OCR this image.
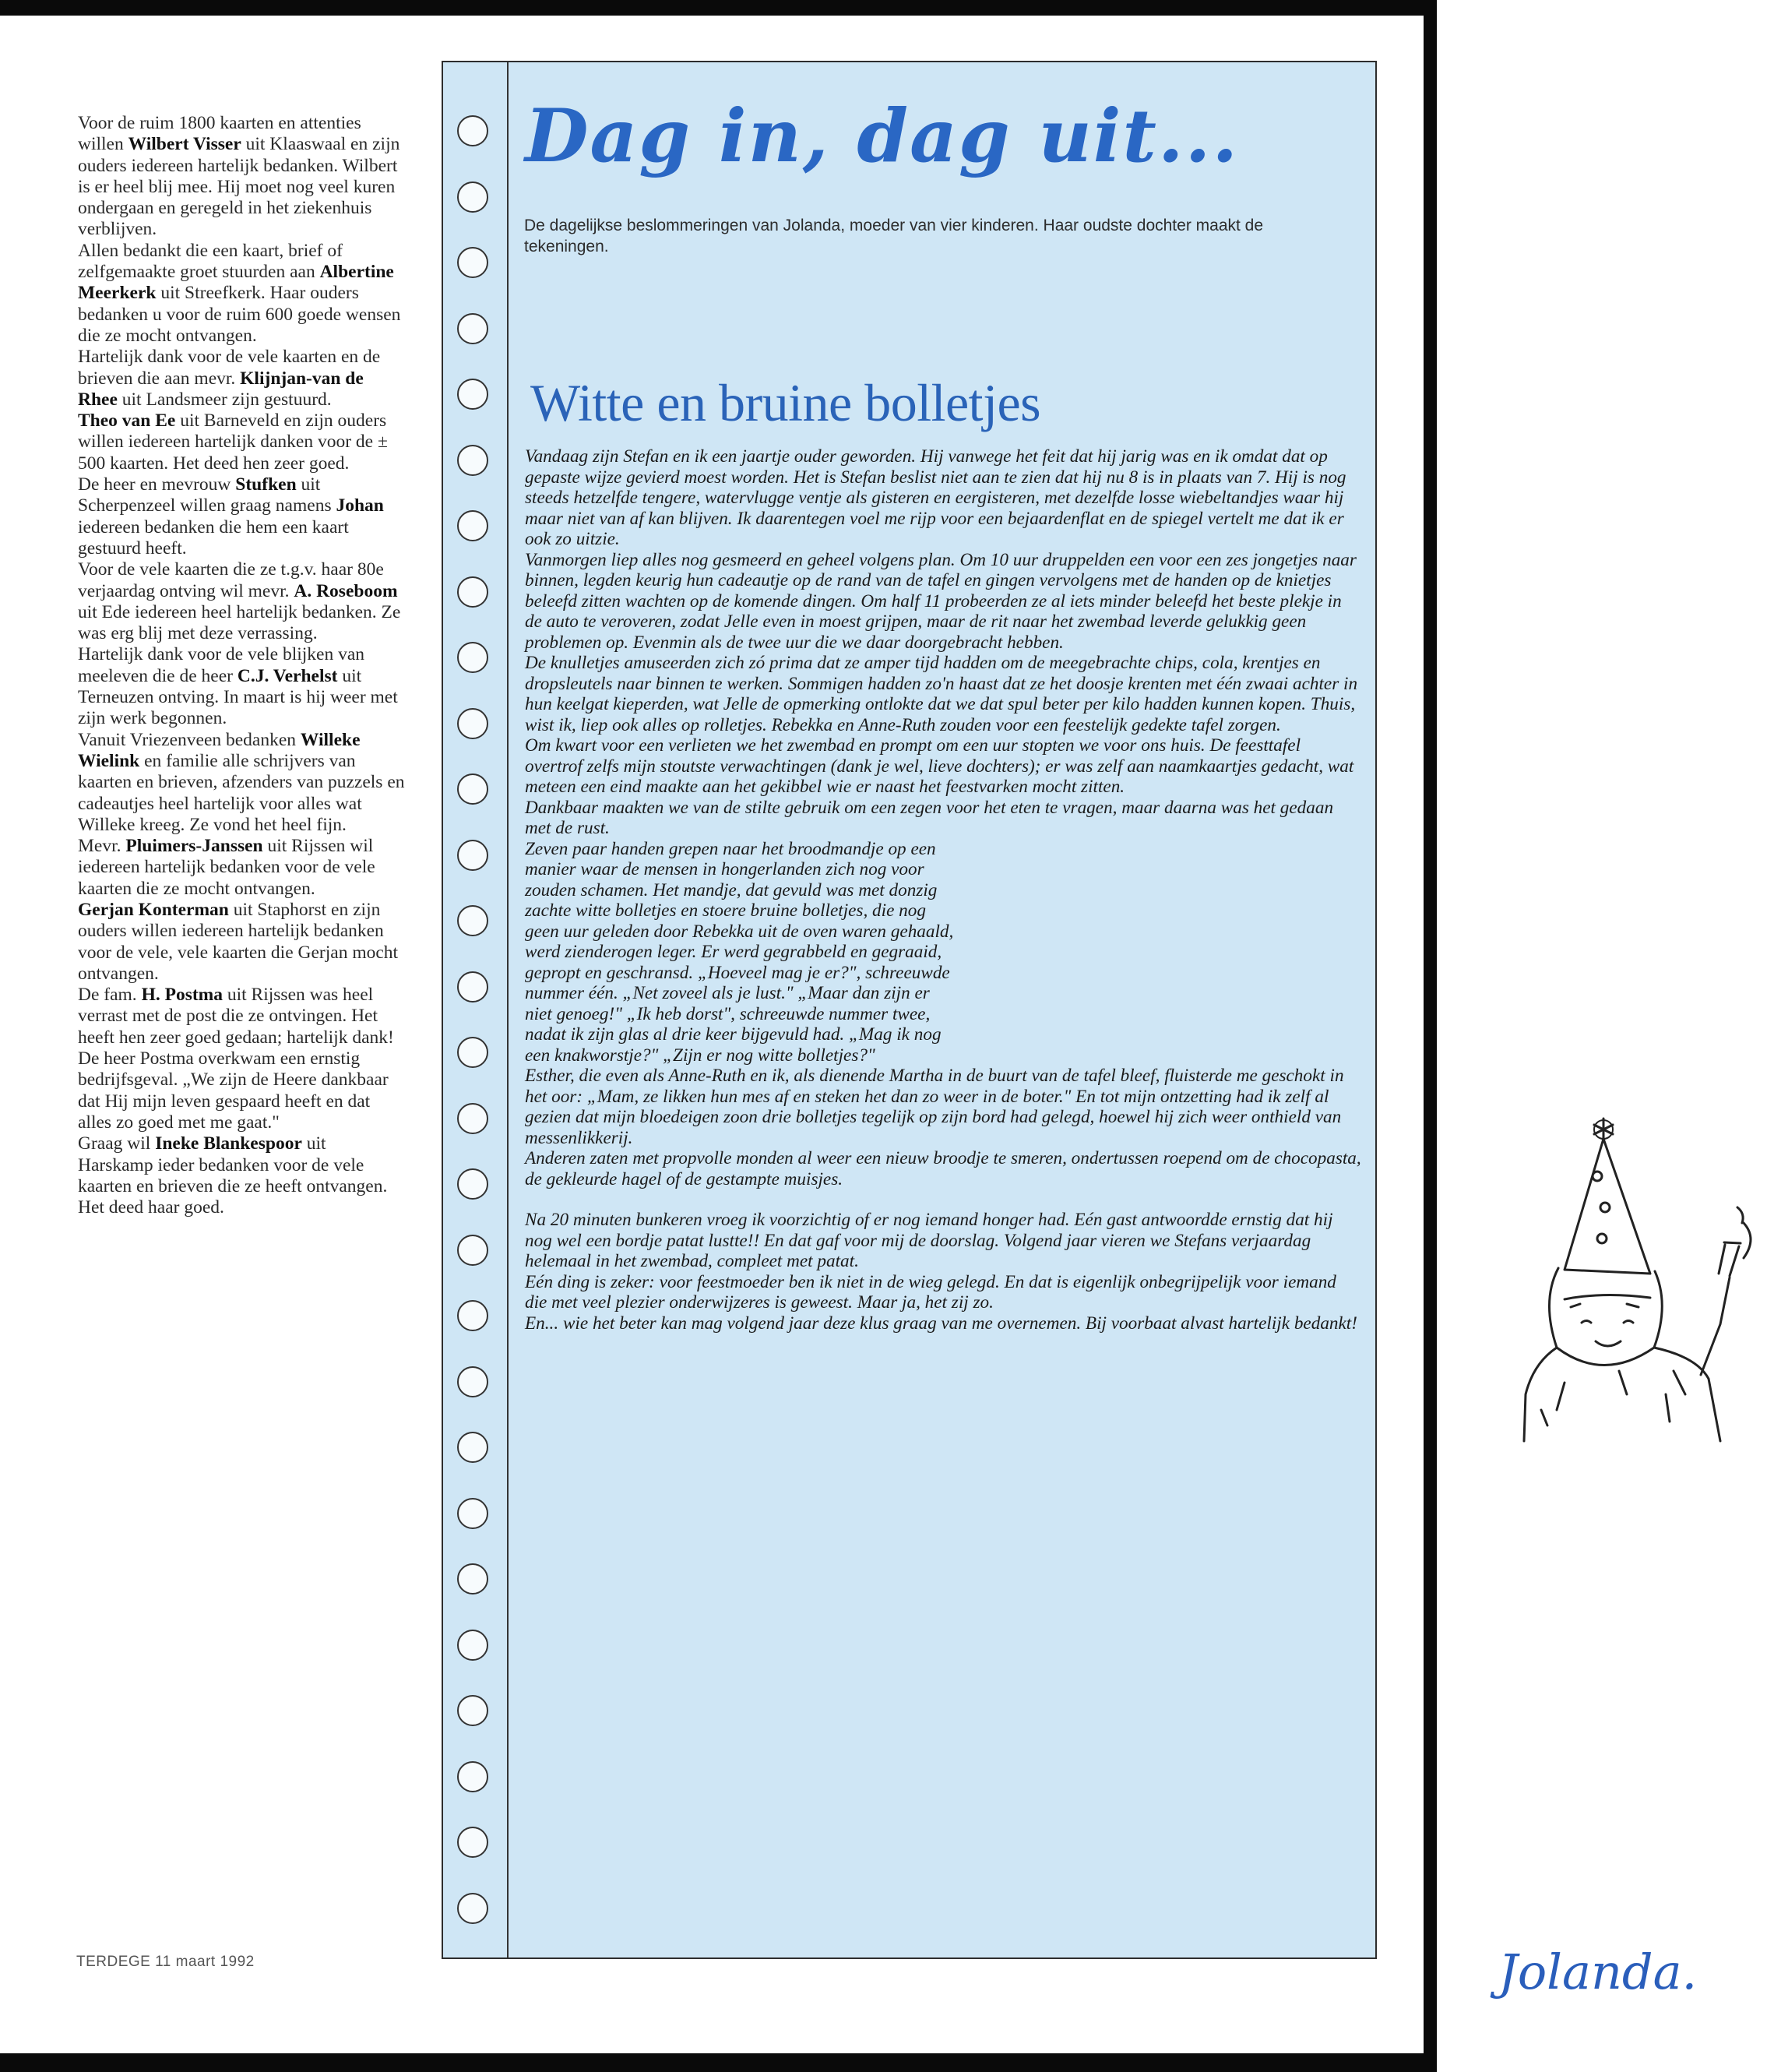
Voor de ruim 1800 kaarten en attenties willen Wilbert Visser uit Klaaswaal en zijn ouders iedereen hartelijk bedanken. Wilbert is er heel blij mee. Hij moet nog veel kuren ondergaan en geregeld in het ziekenhuis verblijven.

Allen bedankt die een kaart, brief of zelfgemaakte groet stuurden aan Albertine Meerkerk uit Streefkerk. Haar ouders bedanken u voor de ruim 600 goede wensen die ze mocht ontvangen.

Hartelijk dank voor de vele kaarten en de brieven die aan mevr. Klijnjan-van de Rhee uit Landsmeer zijn gestuurd.

Theo van Ee uit Barneveld en zijn ouders willen iedereen hartelijk danken voor de ± 500 kaarten. Het deed hen zeer goed.

De heer en mevrouw Stufken uit Scherpenzeel willen graag namens Johan iedereen bedanken die hem een kaart gestuurd heeft.

Voor de vele kaarten die ze t.g.v. haar 80e verjaardag ontving wil mevr. A. Roseboom uit Ede iedereen heel hartelijk bedanken. Ze was erg blij met deze verrassing.

Hartelijk dank voor de vele blijken van meeleven die de heer C.J. Verhelst uit Terneuzen ontving. In maart is hij weer met zijn werk begonnen.

Vanuit Vriezenveen bedanken Willeke Wielink en familie alle schrijvers van kaarten en brieven, afzenders van puzzels en cadeautjes heel hartelijk voor alles wat Willeke kreeg. Ze vond het heel fijn.

Mevr. Pluimers-Janssen uit Rijssen wil iedereen hartelijk bedanken voor de vele kaarten die ze mocht ontvangen.

Gerjan Konterman uit Staphorst en zijn ouders willen iedereen hartelijk bedanken voor de vele, vele kaarten die Gerjan mocht ontvangen.

De fam. H. Postma uit Rijssen was heel verrast met de post die ze ontvingen. Het heeft hen zeer goed gedaan; hartelijk dank! De heer Postma overkwam een ernstig bedrijfsgeval. „We zijn de Heere dankbaar dat Hij mijn leven gespaard heeft en dat alles zo goed met me gaat."

Graag wil Ineke Blankespoor uit Harskamp ieder bedanken voor de vele kaarten en brieven die ze heeft ontvangen. Het deed haar goed.

TERDEGE 11 maart 1992
Dag in, dag uit...
De dagelijkse beslommeringen van Jolanda, moeder van vier kinderen. Haar oudste dochter maakt de tekeningen.
Witte en bruine bolletjes

Vandaag zijn Stefan en ik een jaartje ouder geworden. Hij vanwege het feit dat hij jarig was en ik omdat dat op gepaste wijze gevierd moest worden. Het is Stefan beslist niet aan te zien dat hij nu 8 is in plaats van 7. Hij is nog steeds hetzelfde tengere, watervlugge ventje als gisteren en eergisteren, met dezelfde losse wiebeltandjes waar hij maar niet van af kan blijven. Ik daarentegen voel me rijp voor een bejaardenflat en de spiegel vertelt me dat ik er ook zo uitzie.

Vanmorgen liep alles nog gesmeerd en geheel volgens plan. Om 10 uur druppelden een voor een zes jongetjes naar binnen, legden keurig hun cadeautje op de rand van de tafel en gingen vervolgens met de handen op de knietjes beleefd zitten wachten op de komende dingen. Om half 11 probeerden ze al iets minder beleefd het beste plekje in de auto te veroveren, zodat Jelle even in moest grijpen, maar de rit naar het zwembad leverde gelukkig geen problemen op. Evenmin als de twee uur die we daar doorgebracht hebben.

De knulletjes amuseerden zich zó prima dat ze amper tijd hadden om de meegebrachte chips, cola, krentjes en dropsleutels naar binnen te werken. Sommigen hadden zo'n haast dat ze het doosje krenten met één zwaai achter in hun keelgat kieperden, wat Jelle de opmerking ontlokte dat we dat spul beter per kilo hadden kunnen kopen. Thuis, wist ik, liep ook alles op rolletjes. Rebekka en Anne-Ruth zouden voor een feestelijk gedekte tafel zorgen.

Om kwart voor een verlieten we het zwembad en prompt om een uur stopten we voor ons huis. De feesttafel overtrof zelfs mijn stoutste verwachtingen (dank je wel, lieve dochters); er was zelf aan naamkaartjes gedacht, wat meteen een eind maakte aan het gekibbel wie er naast het feestvarken mocht zitten.

Dankbaar maakten we van de stilte gebruik om een zegen voor het eten te vragen, maar daarna was het gedaan met de rust.

Zeven paar handen grepen naar het broodmandje op een manier waar de mensen in hongerlanden zich nog voor zouden schamen. Het mandje, dat gevuld was met donzig zachte witte bolletjes en stoere bruine bolletjes, die nog geen uur geleden door Rebekka uit de oven waren gehaald, werd zienderogen leger. Er werd gegrabbeld en gegraaid, gepropt en geschransd. „Hoeveel mag je er?", schreeuwde nummer één. „Net zoveel als je lust." „Maar dan zijn er niet genoeg!" „Ik heb dorst", schreeuwde nummer twee, nadat ik zijn glas al drie keer bijgevuld had. „Mag ik nog een knakworstje?" „Zijn er nog witte bolletjes?"

Esther, die even als Anne-Ruth en ik, als dienende Martha in de buurt van de tafel bleef, fluisterde me geschokt in het oor: „Mam, ze likken hun mes af en steken het dan zo weer in de boter." En tot mijn ontzetting had ik zelf al gezien dat mijn bloedeigen zoon drie bolletjes tegelijk op zijn bord had gelegd, hoewel hij zich weer onthield van messenlikkerij.

Anderen zaten met propvolle monden al weer een nieuw broodje te smeren, ondertussen roepend om de chocopasta, de gekleurde hagel of de gestampte muisjes.

Na 20 minuten bunkeren vroeg ik voorzichtig of er nog iemand honger had. Eén gast antwoordde ernstig dat hij nog wel een bordje patat lustte!! En dat gaf voor mij de doorslag. Volgend jaar vieren we Stefans verjaardag helemaal in het zwembad, compleet met patat.

Eén ding is zeker: voor feestmoeder ben ik niet in de wieg gelegd. En dat is eigenlijk onbegrijpelijk voor iemand die met veel plezier onderwijzeres is geweest. Maar ja, het zij zo.

En... wie het beter kan mag volgend jaar deze klus graag van me overnemen. Bij voorbaat alvast hartelijk bedankt!

Jolanda.
